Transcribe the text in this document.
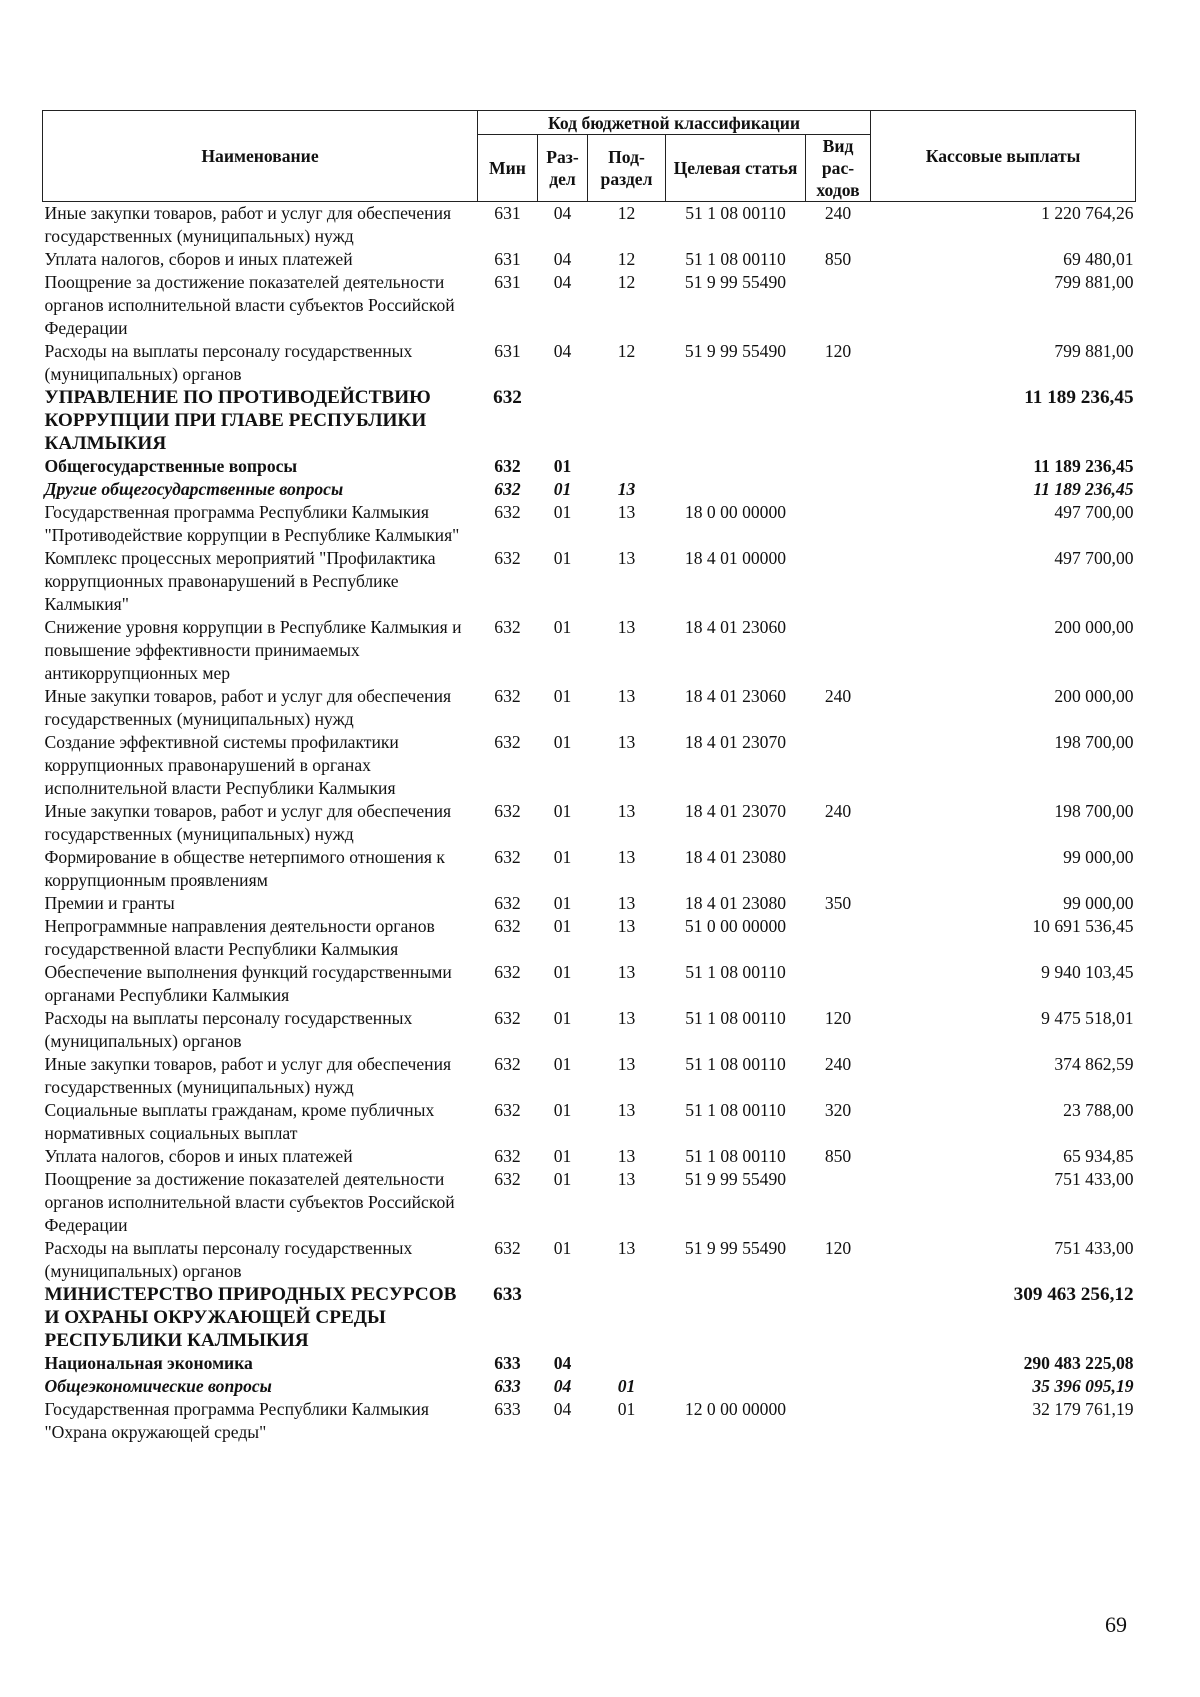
Наименование	Код бюджетной классификации					Кассовые выплаты
	Мин	Раз-дел	Под-раздел	Целевая статья	Вид рас-ходов	
Иные закупки товаров, работ и услуг для обеспечения государственных (муниципальных) нужд	631	04	12	51 1 08 00110	240	1 220 764,26
Уплата налогов, сборов и иных платежей	631	04	12	51 1 08 00110	850	69 480,01
Поощрение за достижение показателей деятельности органов исполнительной власти субъектов Российской Федерации	631	04	12	51 9 99 55490		799 881,00
Расходы на выплаты персоналу государственных (муниципальных) органов	631	04	12	51 9 99 55490	120	799 881,00
УПРАВЛЕНИЕ ПО ПРОТИВОДЕЙСТВИЮ КОРРУПЦИИ ПРИ ГЛАВЕ РЕСПУБЛИКИ КАЛМЫКИЯ	632					11 189 236,45
Общегосударственные вопросы	632	01				11 189 236,45
Другие общегосударственные вопросы	632	01	13			11 189 236,45
Государственная программа Республики Калмыкия "Противодействие коррупции в Республике Калмыкия"	632	01	13	18 0 00 00000		497 700,00
Комплекс процессных мероприятий "Профилактика коррупционных правонарушений в Республике Калмыкия"	632	01	13	18 4 01 00000		497 700,00
Снижение уровня коррупции в Республике Калмыкия и повышение эффективности принимаемых антикоррупционных мер	632	01	13	18 4 01 23060		200 000,00
Иные закупки товаров, работ и услуг для обеспечения государственных (муниципальных) нужд	632	01	13	18 4 01 23060	240	200 000,00
Создание эффективной системы профилактики коррупционных правонарушений в органах исполнительной власти Республики Калмыкия	632	01	13	18 4 01 23070		198 700,00
Иные закупки товаров, работ и услуг для обеспечения государственных (муниципальных) нужд	632	01	13	18 4 01 23070	240	198 700,00
Формирование в обществе нетерпимого отношения к коррупционным проявлениям	632	01	13	18 4 01 23080		99 000,00
Премии и гранты	632	01	13	18 4 01 23080	350	99 000,00
Непрограммные направления деятельности органов государственной власти Республики Калмыкия	632	01	13	51 0 00 00000		10 691 536,45
Обеспечение выполнения функций государственными органами Республики Калмыкия	632	01	13	51 1 08 00110		9 940 103,45
Расходы на выплаты персоналу государственных (муниципальных) органов	632	01	13	51 1 08 00110	120	9 475 518,01
Иные закупки товаров, работ и услуг для обеспечения государственных (муниципальных) нужд	632	01	13	51 1 08 00110	240	374 862,59
Социальные выплаты гражданам, кроме публичных нормативных социальных выплат	632	01	13	51 1 08 00110	320	23 788,00
Уплата налогов, сборов и иных платежей	632	01	13	51 1 08 00110	850	65 934,85
Поощрение за достижение показателей деятельности органов исполнительной власти субъектов Российской Федерации	632	01	13	51 9 99 55490		751 433,00
Расходы на выплаты персоналу государственных (муниципальных) органов	632	01	13	51 9 99 55490	120	751 433,00
МИНИСТЕРСТВО ПРИРОДНЫХ РЕСУРСОВ И ОХРАНЫ ОКРУЖАЮЩЕЙ СРЕДЫ РЕСПУБЛИКИ КАЛМЫКИЯ	633					309 463 256,12
Национальная экономика	633	04				290 483 225,08
Общеэкономические вопросы	633	04	01			35 396 095,19
Государственная программа Республики Калмыкия "Охрана окружающей среды"	633	04	01	12 0 00 00000		32 179 761,19
69
